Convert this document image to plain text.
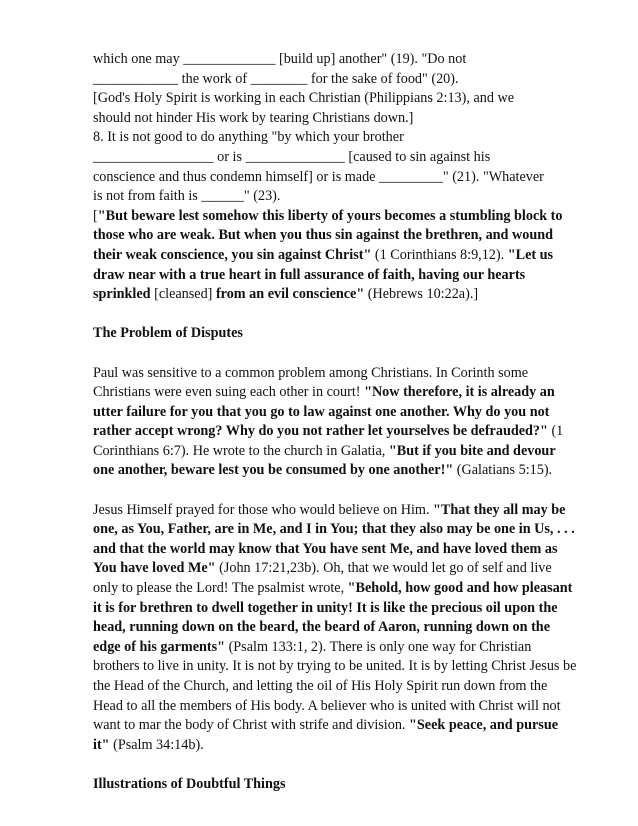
which one may _____________ [build up] another" (19). "Do not
____________ the work of ________ for the sake of food" (20).
[God's Holy Spirit is working in each Christian (Philippians 2:13), and we
should not hinder His work by tearing Christians down.]
8. It is not good to do anything "by which your brother
_________________ or is ______________ [caused to sin against his
conscience and thus condemn himself] or is made _________" (21). "Whatever
is not from faith is ______" (23).
["But beware lest somehow this liberty of yours becomes a stumbling block to those who are weak. But when you thus sin against the brethren, and wound their weak conscience, you sin against Christ" (1 Corinthians 8:9,12). "Let us draw near with a true heart in full assurance of faith, having our hearts sprinkled [cleansed] from an evil conscience" (Hebrews 10:22a).]

The Problem of Disputes

Paul was sensitive to a common problem among Christians. In Corinth some Christians were even suing each other in court! "Now therefore, it is already an utter failure for you that you go to law against one another. Why do you not rather accept wrong? Why do you not rather let yourselves be defrauded?" (1 Corinthians 6:7). He wrote to the church in Galatia, "But if you bite and devour one another, beware lest you be consumed by one another!" (Galatians 5:15).

Jesus Himself prayed for those who would believe on Him. "That they all may be one, as You, Father, are in Me, and I in You; that they also may be one in Us, . . . and that the world may know that You have sent Me, and have loved them as You have loved Me" (John 17:21,23b). Oh, that we would let go of self and live only to please the Lord! The psalmist wrote, "Behold, how good and how pleasant it is for brethren to dwell together in unity! It is like the precious oil upon the head, running down on the beard, the beard of Aaron, running down on the edge of his garments" (Psalm 133:1, 2). There is only one way for Christian brothers to live in unity. It is not by trying to be united. It is by letting Christ Jesus be the Head of the Church, and letting the oil of His Holy Spirit run down from the Head to all the members of His body. A believer who is united with Christ will not want to mar the body of Christ with strife and division. "Seek peace, and pursue it" (Psalm 34:14b).

Illustrations of Doubtful Things
